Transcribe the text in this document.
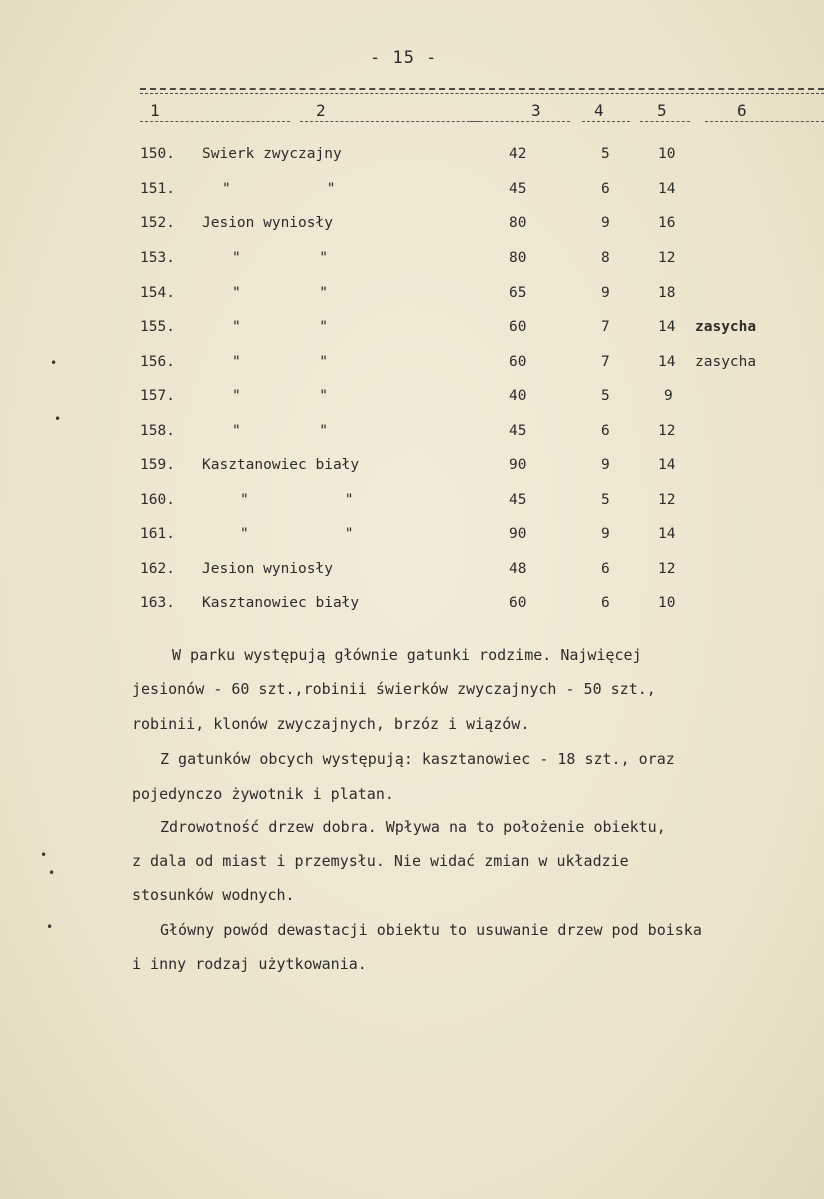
- 15 -
1	2	3	4	5	6
150. Swierk zwyczajny	42	5	10
151.	"           "	45	6	14
152. Jesion wyniosły	80	9	16
153.	"         "	80	8	12
154.	"         "	65	9	18
155.	"         "	60	7	14 zasycha
156.	"         "	60	7	14 zasycha
157.	"         "	40	5	9
158.	"         "	45	6	12
159. Kasztanowiec biały	90	9	14
160.	"           "	45	5	12
161.	"           "	90	9	14
162. Jesion wyniosły	48	6	12
163. Kasztanowiec biały	60	6	10
W parku występują głównie gatunki rodzime. Najwięcej
jesionów - 60 szt.,robinii świerków zwyczajnych - 50 szt.,
robinii, klonów zwyczajnych, brzóz i wiązów.
Z gatunków obcych występują: kasztanowiec - 18 szt., oraz
pojedynczo żywotnik i platan.
Zdrowotność drzew dobra. Wpływa na to położenie obiektu,
z dala od miast i przemysłu. Nie widać zmian w układzie
stosunków wodnych.
Główny powód dewastacji obiektu to usuwanie drzew pod boiska
i inny rodzaj użytkowania.
•
•
•
•
•
